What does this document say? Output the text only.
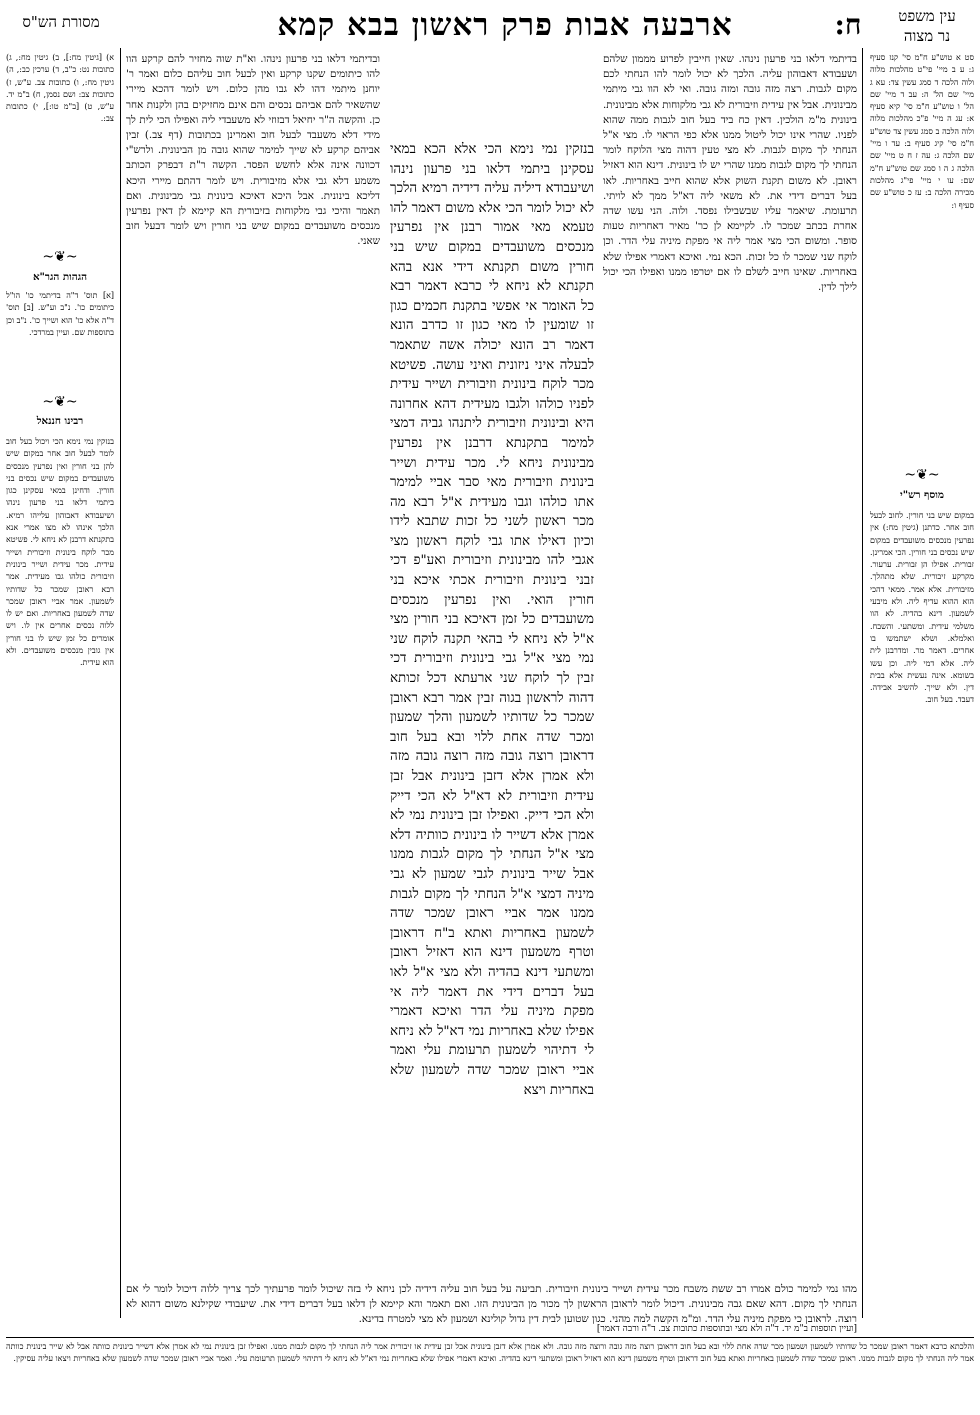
עין משפט
נר מצוה
ח:
ארבעה אבות פרק ראשון בבא קמא
מסורת הש"ס
סט א טוש"ע ח"מ סי' קנז סעיף ג: ע ב מיי' פי"ט מהלכות מלוה ולוה הלכה ד סמג עשין צד: עא ג מיי' שם הל' ה: עב ד מיי' שם הל' ו טוש"ע ח"מ סי' קיא סעיף א: עג ה מיי' פ"כ מהלכות מלוה ולוה הלכה ב סמג עשין צד טוש"ע ח"מ סי' קיג סעיף ב: עד ו מיי' שם הלכה ג: עה ז ח ט מיי' שם הלכה ג ה ו סמג שם טוש"ע ח"מ שם: עו י מיי' פי"ג מהלכות מכירה הלכה ב: עז כ טוש"ע שם סעיף ו:
~❦~
מוסף רש"י
במקום שיש בני חורין. לחוב לבעל חוב אחר. כדתנן (גיטין מח:) אין נפרעין מנכסים משועבדים במקום שיש נכסים בני חורין. הכי אמרינן. זבורית. אפילו הן זבורית. ערעור. מקרקע זיבורית. שלא מתהלך. מזיבורית. אלא אמר. ממאי דהכי הוא ההוא עדיף ליה. ולא מיבעי לשמעון. דינא בהדיה. לא הוו משלמי עידית. ומשתעי. והשבח. ואלמלא. ושלא ישתמשו בו אחרים. דאמר מר. ומדרבנן לית ליה. אלא דמי ליה. וכן עשו בשומא. אינה נעשית אלא בבית דין. ולא שייך. להשיב אבידה. דעבד. בעל חוב.
א) [גיטין מח:], ב) גיטין מח:, ג) כתובות נט: כ"ב, ד) ערכין כב:, ה) גיטין מח:, ו) כתובות צב. ע"ש, ז) כתובות צב: ושם נסמן, ח) ב"מ יד. ע"ש, ט) [ב"מ טו:], י) כתובות צב:.
~❦~
הגהות הגר"א
[א] תוס' ד"ה בדיתמי כו' הו"ל כיתומים כו'. נ"ב וע"ש. [ב] תוס' ד"ה אלא כו' הוא ושייך כו'. נ"ב וכן בתוספות שם. ועיין במרדכי.
~❦~
רבינו חננאל
בנזקין נמי נימא הכי ויכול בעל חוב לומר לבעל חוב אחר במקום שיש להן בני חורין ואין נפרעין מנכסים משועבדים במקום שיש נכסים בני חורין. ודחינן במאי עסקינן כגון ביתמי דלאו בני פרעון נינהו ושיעבודא דאבוהון עלייהו רמיא. הלכך אינהו לא מצו אמרי אנא בתקנתא דרבנן לא ניחא לי. פשיטא מכר לוקח בינונית וזיבורית ושייר עידית. מכר עידית ושייר בינונית וזיבורית כולהו גבו מעידית. אמר רבא ראובן שמכר כל שדותיו לשמעון. אמר אביי ראובן שמכר שדה לשמעון באחריות. ואם יש לו ללוה נכסים אחרים אין לו. ויש אומרים כל זמן שיש לו בני חורין אין גובין מנכסים משועבדים. ולא הוא עידית.
בדיתמי דלאו בני פרעון נינהו. שאין חייבין לפרוע מממון שלהם ושעבודא דאבוהון עליה. הלכך לא יכול לומר להו הנחתי לכם מקום לגבות. רצה מזה גובה ומזה גובה. ואי לא הוו גבי מיתמי מבינונית. אבל אין עידית וזיבורית לא גבי מלקוחות אלא מבינונית. בינונית מ"מ הולכין. דאין כח ביד בעל חוב לגבות ממה שהוא לפניו. שהרי אינו יכול ליטול ממנו אלא כפי הראוי לו. מצי א"ל הנחתי לך מקום לגבות. לא מצי טעין דהוה מצי הלוקח לומר הנחתי לך מקום לגבות ממנו שהרי יש לו בינונית. דינא הוא דאזיל ראובן. לא משום תקנת השוק אלא שהוא חייב באחריות. לאו בעל דברים דידי את. לא משאי ליה דא"ל ממך לא לויתי. תרעומת. שיאמר עליו שבשבילו נפסד. ולוה. הני עשו שדה אחרת בכתב שמכר לו. לקיימא לן כר' מאיר דאחריות טעות סופר. ומשום הכי מצי אמר ליה אי מפקת מיניה עלי הדר. וכן לוקח שני שמכר לו כל זכות. הכא נמי. ואיכא דאמרי אפילו שלא באחריות. שאינו חייב לשלם לו אם יטרפו ממנו ואפילו הכי יכול לילך לדין.
ובדיתמי דלאו בני פרעון נינהו. וא"ת שוה מחזיר להם קרקע הוו להו כיתומים שקנו קרקע ואין לבעל חוב עליהם כלום ואמר ר' יוחנן מיתמי דהו לא גבו מהן כלום. ויש לומר דהכא מיירי שהשאיר להם אביהם נכסים והם אינם מחזיקים בהן ולקנות אחר כן. והקשה ה"ר יחיאל דבזוזי לא משעבדי ליה ואפילו הכי לית לך מידי דלא משעבד לבעל חוב ואמרינן בכתובות (דף צב.) זבין אביהם קרקע לא שייך למימר שהוא גובה מן הבינונית. ולרש"י דכוונה אינה אלא לחשש הפסד. הקשה ר"ת דבפרק הכותב משמע דלא גבי אלא מזיבורית. ויש לומר דהתם מיירי היכא דליכא בינונית. אבל היכא דאיכא בינונית גבי מבינונית. ואם תאמר והיכי גבי מלקוחות בזיבורית הא קיימא לן דאין נפרעין מנכסים משועבדים במקום שיש בני חורין ויש לומר דבעל חוב שאני.
בנזקין נמי נימא הכי אלא הכא במאי עסקינן ביתמי דלאו בני פרעון נינהו ושיעבודא דיליה עליה דידיה רמיא הלכך לא יכול לומר הכי אלא משום דאמר להו טעמא מאי אמור רבנן אין נפרעין מנכסים משועבדים במקום שיש בני חורין משום תקנתא דידי אנא בהא תקנתא לא ניחא לי כרבא דאמר רבא כל האומר אי אפשי בתקנת חכמים כגון זו שומעין לו מאי כגון זו כדרב הונא דאמר רב הונא יכולה אשה שתאמר לבעלה איני ניזונית ואיני עושה. פשיטא מכר לוקח בינונית וזיבורית ושייר עידית לפניו כולהו ולגבו מעידית דהא אחרונה היא ובינונית וזיבורית ליתנהו גביה דמצי למימר בתקנתא דרבנן אין נפרעין מבינונית ניחא לי. מכר עידית ושייר בינונית וזיבורית מאי סבר אביי למימר אתו כולהו וגבו מעידית א"ל רבא מה מכר ראשון לשני כל זכות שתבא לידו וכיון דאילו אתו גבי לוקח ראשון מצי אגבי להו מבינונית וזיבורית ואע"פ דכי זבני בינונית וזיבורית אכתי איכא בני חורין הואי. ואין נפרעין מנכסים משועבדים כל זמן דאיכא בני חורין מצי א"ל לא ניחא לי בהאי תקנה לוקח שני נמי מצי א"ל גבי בינונית וזיבורית דכי זבין לך לוקח שני ארעתא דכל זכותא דהוה לראשון בגוה זבין אמר רבא ראובן שמכר כל שדותיו לשמעון והלך שמעון ומכר שדה אחת ללוי ובא בעל חוב דראובן רוצה גובה מזה רוצה גובה מזה ולא אמרן אלא דזבן בינונית אבל זבן עידית וזיבורית לא דא"ל לא הכי דייק ולא הכי דייק. ואפילו זבן בינונית נמי לא אמרן אלא דשייר לו בינונית כוותיה דלא מצי א"ל הנחתי לך מקום לגבות ממנו אבל שייר בינונית לגבי שמעון לא גבי מיניה דמצי א"ל הנחתי לך מקום לגבות ממנו אמר אביי ראובן שמכר שדה לשמעון באחריות ואתא ב"ח דראובן וטרף משמעון דינא הוא דאזיל ראובן ומשתעי דינא בהדיה ולא מצי א"ל לאו בעל דברים דידי את דאמר ליה אי מפקת מיניה עלי הדר ואיכא דאמרי אפילו שלא באחריות נמי דא"ל לא ניחא לי דתיהוי לשמעון תרעומת עלי ואמר אביי ראובן שמכר שדה לשמעון שלא באחריות ויצא
מהו נמי למימר כולם אמרו רב ששת משבח מכר עידית ושייר בינונית וזיבורית. תביעה על בעל חוב עליה דידיה לכן ניחא לי בזה שיכול לומר פרעתיך לכך צריך ללוה דיכול לומר לי אם הנחתי לך מקום. דהא שאם גבה מבינונית. דיכול לומר לראובן הראשון לך מכור מן הבינונית הזו. ואם תאמר והא קיימא לן דלאו בעל דברים דידי את. שיעבודי שקילנא משום דהוא לא רוצה. לראובן כי מפקת מיניה עלי הדר. ומ"מ הקשה למה מהני. כגון שטוען לבית דין גדול קולינא ושמעון לא מצי למטרח בדינא.
[ועיין תוספות ב"מ יד. ד"ה ולא מצי ובתוספות כתובות צב. ד"ה ורבה דאמר]
והלכתא כרבא דאמר ראובן שמכר כל שדותיו לשמעון ושמעון מכר שדה אחת ללוי ובא בעל חוב דראובן רוצה מזה גובה ורוצה מזה גובה. ולא אמרן אלא דזבן בינונית אבל זבן עידית או זיבורית אמר ליה הנחתי לך מקום לגבות ממנו. ואפילו זבן בינונית נמי לא אמרן אלא דשייר בינונית כוותה אבל לא שייר בינונית כוותה אמר ליה הנחתי לך מקום לגבות ממנו. ראובן שמכר שדה לשמעון באחריות ואתא בעל חוב דראובן וטרף משמעון דינא הוא דאזיל ראובן ומשתעי דינא בהדיה. ואיכא דאמרי אפילו שלא באחריות נמי דא"ל לא ניחא לי דתיהוי לשמעון תרעומת עלי. ואמר אביי ראובן שמכר שדה לשמעון שלא באחריות ויצאו עליה עסיקין.
